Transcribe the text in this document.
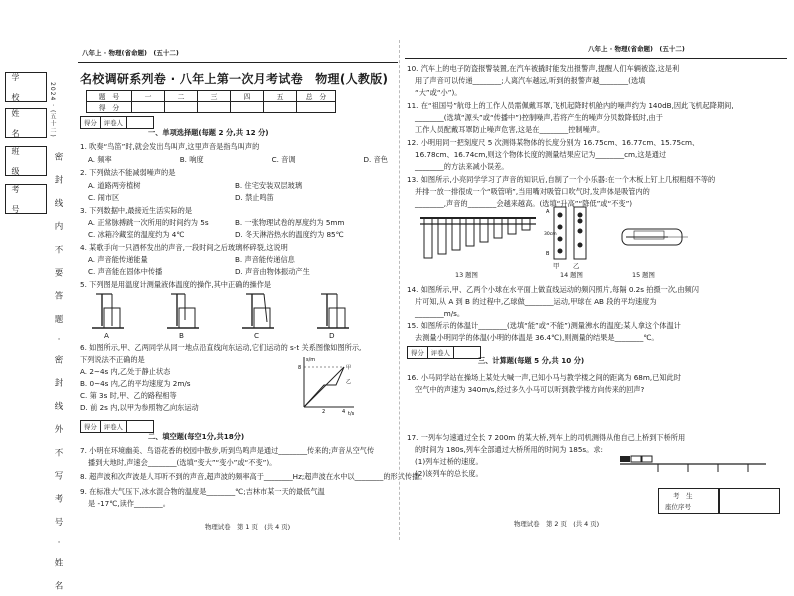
学　校
姓　名
班　级
考　号
2024 · (五十二)
密 封 线 内 不 要 答 题 · 密 封 线 外 不 写 考 号 · 姓 名
八年上 · 物理(省命题)　(五十二)
名校调研系列卷 · 八年上第一次月考试卷　物理(人教版)
题　号	一	二	三	四	五	总　分
得　分						
得分	评卷人
一、单项选择题(每题 2 分,共 12 分)
1. 吹奏“鸟笛”时,就会发出鸟叫声,这里声音是指鸟叫声的
A. 频率	B. 响度	C. 音调	D. 音色
2. 下列做法不能减弱噪声的是
A. 道路两旁植树	B. 住宅安装双层玻璃
C. 闹市区	D. 禁止鸣笛
3. 下列数据中,最接近生活实际的是
A. 正常脉搏跳一次所用的时间约为 5s	B. 一张物理试卷的厚度约为 5mm
C. 冰箱冷藏室的温度约为 4℃	D. 冬天淋浴热水的温度约为 85℃
4. 某歌手向一只酒杯发出的声音,一段时间之后玻璃杯碎裂,这说明
A. 声音能传递能量	B. 声音能传递信息
C. 声音能在固体中传播	D. 声音由物体振动产生
5. 下列图是用温度计测量液体温度的操作,其中正确的操作是
A	B	C	D
6. 如图所示,甲、乙两同学从同一地点沿直线向东运动,它们运动的 s-t 关系图像如图所示,
下列说法不正确的是
A. 2~4s 内,乙处于静止状态
B. 0~4s 内,乙的平均速度为 2m/s
C. 第 3s 时,甲、乙的路程相等
D. 前 2s 内,以甲为参照物乙向东运动
s/m
t/s
甲
乙
8
2	4
得分	评卷人
二、填空题(每空1分,共18分)
7. 小明在环境幽美、鸟语花香的校园中散步,听到鸟鸣声是通过________传来的;声音从空气传
播到大地时,声速会________(选填“变大”“变小”或“不变”)。
8. 超声波和次声波是人耳听不到的声音,超声波的频率高于________Hz;超声波在水中以________的形式传播。
9. 在标准大气压下,冰水混合物的温度是________℃;吉林市某一天的最低气温
是 -17℃,读作________。
物理试卷　第 1 页　(共 4 页)
八年上 · 物理(省命题)　(五十二)
10. 汽车上的电子防盗报警装置,在汽车被撬时能发出报警声,提醒人们车辆被盗,这是利
用了声音可以传递________;人离汽车越远,听到的报警声越________(选填
“大”或“小”)。
11. 在“祖国号”航母上的工作人员需佩戴耳罩,飞机起降时机舱内的噪声约为 140dB,因此飞机起降期间,
________(选填“源头”或“传播中”)控制噪声,若将产生的噪声分贝数降低时,由于
工作人员配戴耳罩防止噪声危害,这是在________控制噪声。
12. 小明用同一把刻度尺 5 次测得某物体的长度分别为 16.75cm、16.77cm、15.75cm、
16.78cm、16.74cm,则这个物体长度的测量结果应记为________cm,这是通过
________的方法来减小误差。
13. 如图所示,小亮同学学习了声音的知识后,自制了一个小乐器:在一个木板上钉上几根粗细不等的
并排一放一排很成一个“吸管哨”,当用嘴对吸管口吹气时,发声体是吸管内的
________,声音的________会越来越高。(选填“升高”“降低”或“不变”)
A
B
30cm
13 题图
甲 乙
14 题图	15 题图
14. 如图所示,甲、乙两个小球在水平面上做直线运动的频闪照片,每隔 0.2s 拍摄一次,由频闪
片可知,从 A 到 B 的过程中,乙球做________运动,甲球在 AB 段的平均速度为
________m/s。
15. 如图所示的体温计________(选填“能”或“不能”)测量沸水的温度;某人拿这个体温计
去测量小明同学的体温(小明的体温是 36.4℃),则测量的结果是________℃。
得分	评卷人
三、计算题(每题 5 分,共 10 分)
16. 小马同学站在操场上某处大喊一声,已知小马与教学楼之间的距离为 68m,已知此时
空气中的声速为 340m/s,经过多久小马可以听到教学楼方向传来的回声?
17. 一列车匀速通过全长 7 200m 的某大桥,列车上的司机测得从他自己上桥到下桥所用
的时间为 180s,列车全部通过大桥所用的时间为 185s。求:
(1)列车过桥的速度。
(2)该列车的总长度。
考　生
座位序号
物理试卷　第 2 页　(共 4 页)
